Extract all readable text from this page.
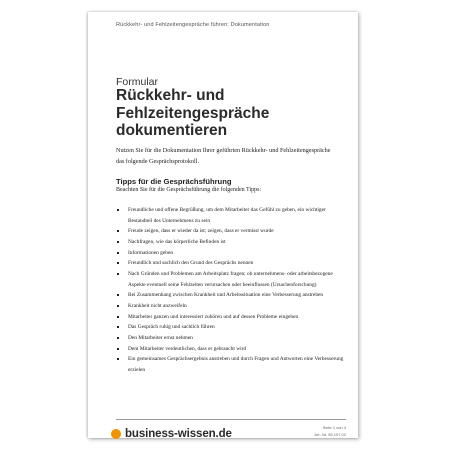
Rückkehr- und Fehlzeitengespräche führen: Dokumentation
Formular
Rückkehr- und Fehlzeitengespräche dokumentieren

Nutzen Sie für die Dokumentation Ihrer geführten Rückkehr- und Fehlzeitengespräche das folgende Gesprächsprotokoll.

Tipps für die Gesprächsführung

Beachten Sie für die Gesprächsführung die folgenden Tipps:

Freundliche und offene Begrüßung, um dem Mitarbeiter das Gefühl zu geben, ein wichtiger Bestandteil des Unternehmens zu sein
Freude zeigen, dass er wieder da ist; zeigen, dass er vermisst wurde
Nachfragen, wie das körperliche Befinden ist
Informationen geben
Freundlich und sachlich den Grund des Gesprächs nennen
Nach Gründen und Problemen am Arbeitsplatz fragen; ob unternehmens- oder arbeitsbezogene Aspekte eventuell seine Fehlzeiten verursachen oder beeinflussen (Ursachenforschung)
Bei Zusammenhang zwischen Krankheit und Arbeitssituation eine Verbesserung anstreben
Krankheit nicht anzweifeln
Mitarbeiter ganzen und interessiert zuhören und auf dessen Probleme eingehen
Das Gespräch ruhig und sachlich führen
Den Mitarbeiter ernst nehmen
Dem Mitarbeiter verdeutlichen, dass er gebraucht wird
Ein gemeinsames Gesprächsergebnis anstreben und durch Fragen und Antworten eine Verbesserung erzielen
business-wissen.de
Seite 1 von 4
Art.-Nr. 59.107.02
